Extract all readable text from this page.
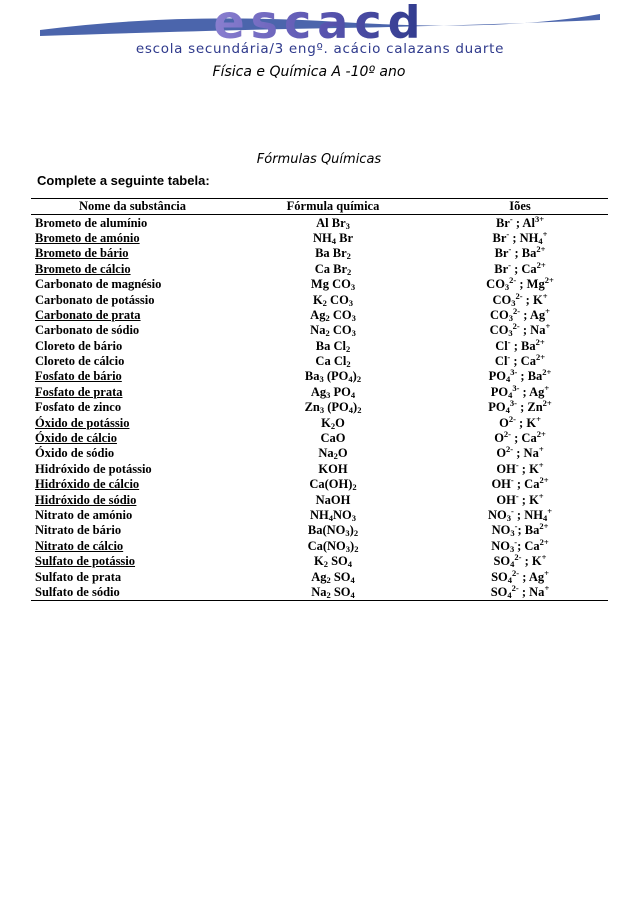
escacd
escola secundária/3 engº. acácio calazans duarte
Física e Química A -10º ano
Fórmulas Químicas
Complete a seguinte tabela:
Nome da substância	Fórmula química	Iões
Brometo de alumínio	Al $Br_3$	Br- ; $Al^{3+}$
Brometo de amónio	$NH_4$ Br	Br- ; $NH_4^+$
Brometo de bário	Ba $Br_2$	Br- ; $Ba^{2+}$
Brometo de cálcio	Ca $Br_2$	Br- ; $Ca^{2+}$
Carbonato de magnésio	Mg $CO_3$	$CO_3^{2-}$ ; $Mg^{2+}$
Carbonato de potássio	$K_2$ $CO_3$	$CO_3^{2-}$ ; K+
Carbonato de prata	$Ag_2$ $CO_3$	$CO_3^{2-}$ ; Ag+
Carbonato de sódio	$Na_2$ $CO_3$	$CO_3^{2-}$ ; Na+
Cloreto de bário	Ba $Cl_2$	Cl- ; $Ba^{2+}$
Cloreto de cálcio	Ca $Cl_2$	Cl- ; $Ca^{2+}$
Fosfato de bário	$Ba_3$ $(PO_4)_2$	$PO_4^{3-}$ ; $Ba^{2+}$
Fosfato de prata	$Ag_3$ $PO_4$	$PO_4^{3-}$ ; Ag+
Fosfato de zinco	$Zn_3$ $(PO_4)_2$	$PO_4^{3-}$ ; $Zn^{2+}$
Óxido de potássio	$K_2O$	$O^{2-}$ ; K+
Óxido de cálcio	CaO	$O^{2-}$ ; $Ca^{2+}$
Óxido de sódio	$Na_2O$	$O^{2-}$ ; Na+
Hidróxido de potássio	KOH	OH- ; K+
Hidróxido de cálcio	$Ca(OH)_2$	OH- ; $Ca^{2+}$
Hidróxido de sódio	NaOH	OH- ; K+
Nitrato de amónio	$NH_4NO_3$	$NO_3^-$ ; $NH_4^+$
Nitrato de bário	$Ba(NO_3)_2$	$NO_3^-$; $Ba^{2+}$
Nitrato de cálcio	$Ca(NO_3)_2$	$NO_3^-$; $Ca^{2+}$
Sulfato de potássio	$K_2$ $SO_4$	$SO_4^{2-}$ ; K+
Sulfato de prata	$Ag_2$ $SO_4$	$SO_4^{2-}$ ; Ag+
Sulfato de sódio	$Na_2$ $SO_4$	$SO_4^{2-}$ ; Na+
